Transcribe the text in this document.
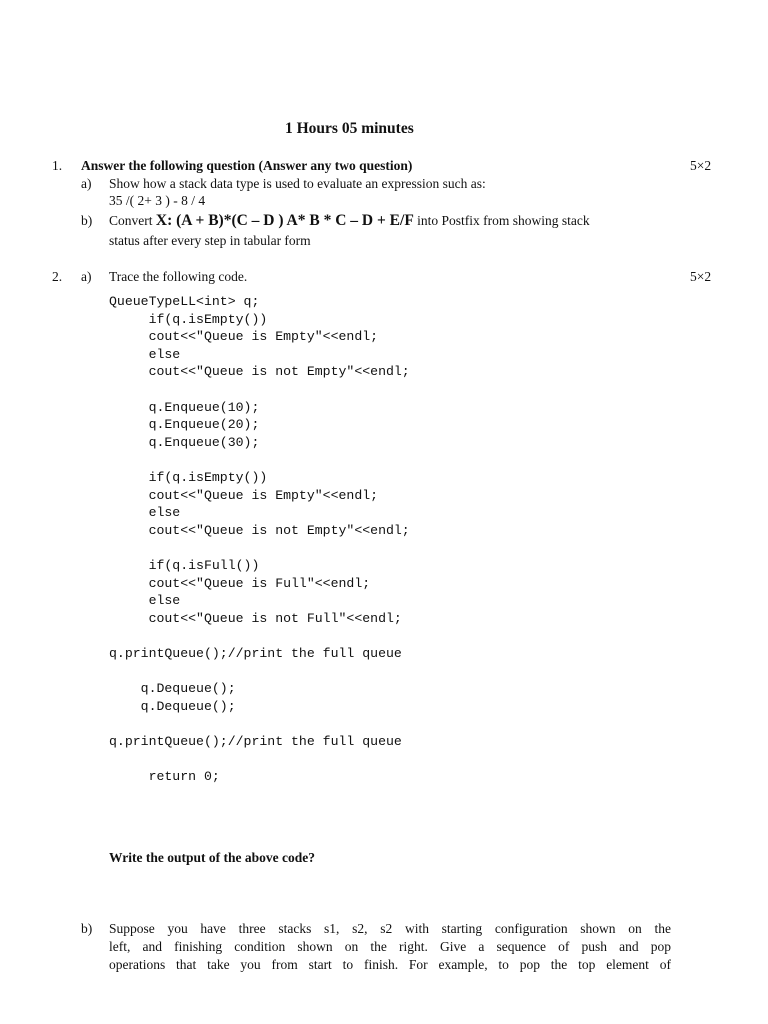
1 Hours 05 minutes
1. Answer the following question (Answer any two question)	5×2
a) Show how a stack data type is used to evaluate an expression such as:
35 /( 2+ 3 ) - 8 / 4
b) Convert X: (A + B)*(C – D ) A* B * C – D + E/F into Postfix from showing stack
status after every step in tabular form
2. a) Trace the following code.	5×2
QueueTypeLL<int> q;
if(q.isEmpty())
cout<<"Queue is Empty"<<endl;
else
cout<<"Queue is not Empty"<<endl;
q.Enqueue(10);
q.Enqueue(20);
q.Enqueue(30);
if(q.isEmpty())
cout<<"Queue is Empty"<<endl;
else
cout<<"Queue is not Empty"<<endl;
if(q.isFull())
cout<<"Queue is Full"<<endl;
else
cout<<"Queue is not Full"<<endl;
q.printQueue();//print the full queue
q.Dequeue();
q.Dequeue();
q.printQueue();//print the full queue
return 0;
Write the output of the above code?
b) Suppose you have three stacks s1, s2, s2 with starting configuration shown on the
left, and finishing condition shown on the right. Give a sequence of push and pop
operations that take you from start to finish. For example, to pop the top element of
